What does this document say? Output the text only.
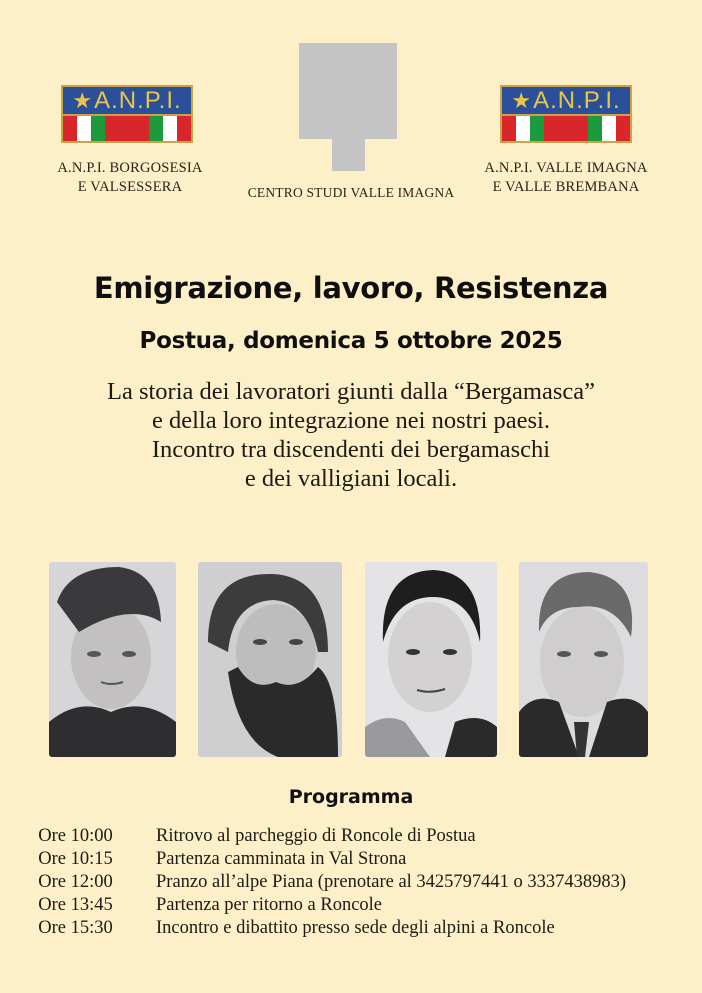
★ A.N.P.I.
A.N.P.I. BORGOSESIA
E VALSESSERA	CENTRO STUDI VALLE IMAGNA
★ A.N.P.I.
A.N.P.I. VALLE IMAGNA
E VALLE BREMBANA
Emigrazione, lavoro, Resistenza
Postua, domenica 5 ottobre 2025
La storia dei lavoratori giunti dalla “Bergamasca”
e della loro integrazione nei nostri paesi.
Incontro tra discendenti dei bergamaschi
e dei valligiani locali.
Programma
Ore 10:00	Ritrovo al parcheggio di Roncole di Postua
Ore 10:15	Partenza camminata in Val Strona
Ore 12:00	Pranzo all’alpe Piana (prenotare al 3425797441 o 3337438983)
Ore 13:45	Partenza per ritorno a Roncole
Ore 15:30	Incontro e dibattito presso sede degli alpini a Roncole
